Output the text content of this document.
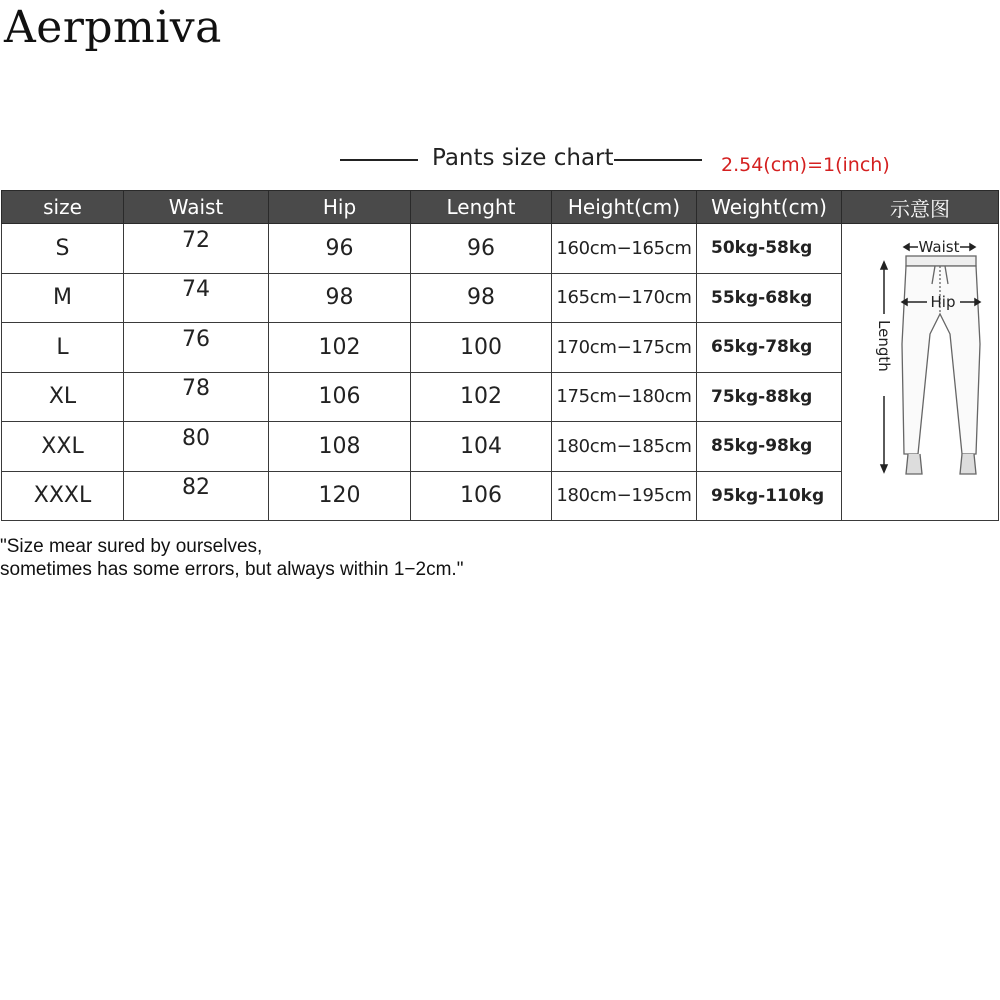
Aerpmiva
Pants size chart	2.54(cm)=1(inch)
size	Waist	Hip	Lenght	Height(cm)	Weight(cm)	示意图
S	72	96	96	160cm−165cm	50kg-58kg	Waist
Length
Hip

M	74	98	98	165cm−170cm	55kg-68kg	
L	76	102	100	170cm−175cm	65kg-78kg	
XL	78	106	102	175cm−180cm	75kg-88kg	
XXL	80	108	104	180cm−185cm	85kg-98kg	
XXXL	82	120	106	180cm−195cm	95kg-110kg	
"Size mear sured by ourselves,
sometimes has some errors, but always within 1−2cm."
